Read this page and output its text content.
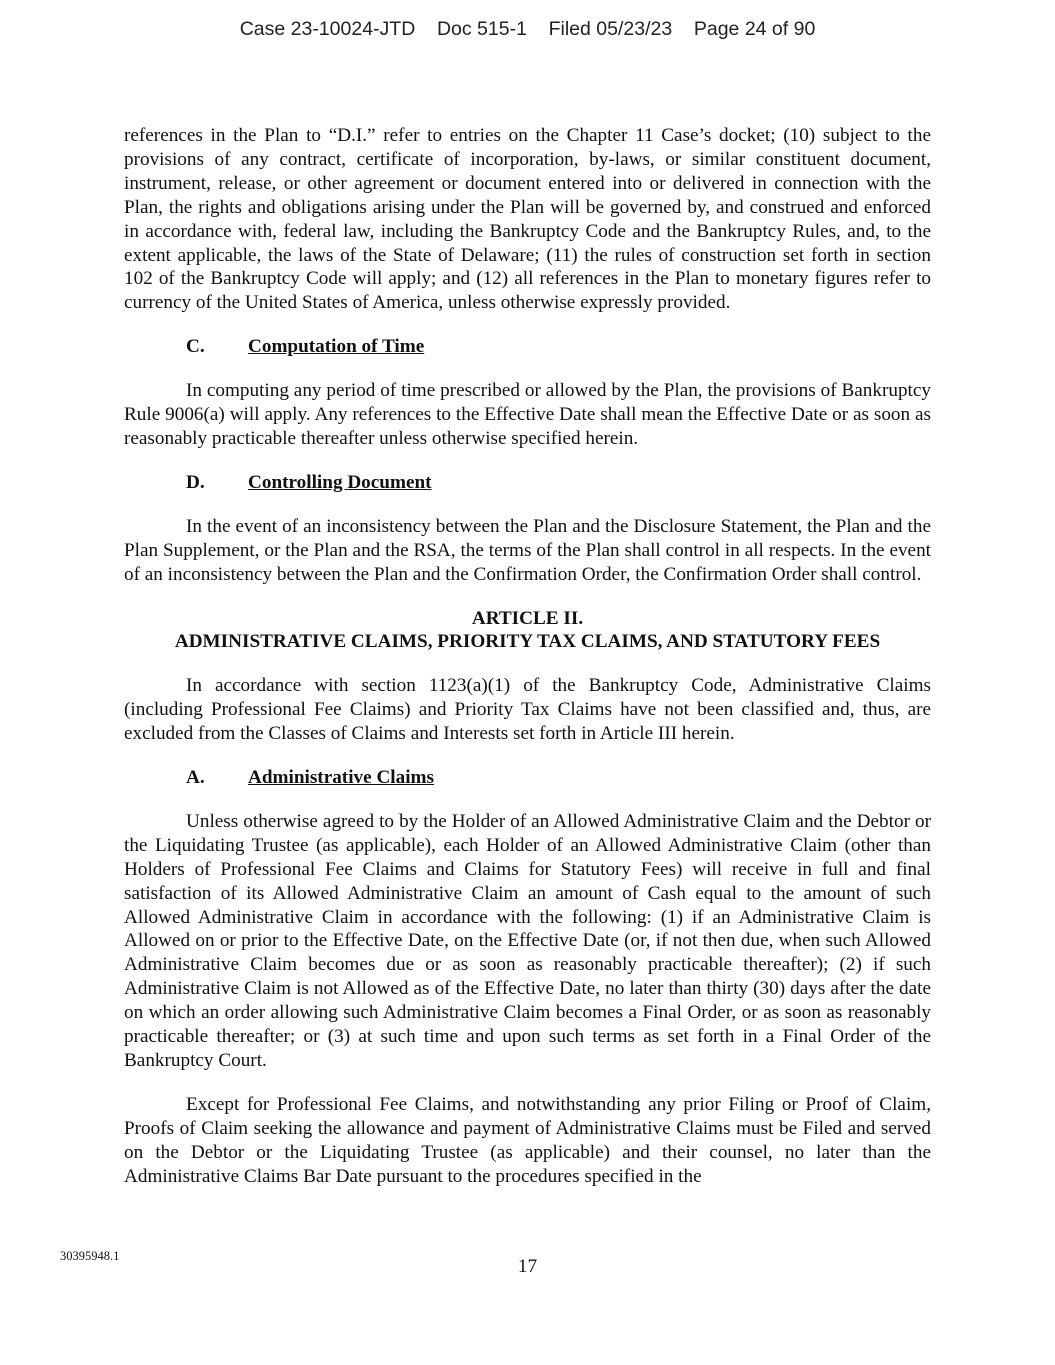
Case 23-10024-JTD Doc 515-1 Filed 05/23/23 Page 24 of 90

references in the Plan to “D.I.” refer to entries on the Chapter 11 Case’s docket; (10) subject to the provisions of any contract, certificate of incorporation, by-laws, or similar constituent document, instrument, release, or other agreement or document entered into or delivered in connection with the Plan, the rights and obligations arising under the Plan will be governed by, and construed and enforced in accordance with, federal law, including the Bankruptcy Code and the Bankruptcy Rules, and, to the extent applicable, the laws of the State of Delaware; (11) the rules of construction set forth in section 102 of the Bankruptcy Code will apply; and (12) all references in the Plan to monetary figures refer to currency of the United States of America, unless otherwise expressly provided.

C. Computation of Time

In computing any period of time prescribed or allowed by the Plan, the provisions of Bankruptcy Rule 9006(a) will apply. Any references to the Effective Date shall mean the Effective Date or as soon as reasonably practicable thereafter unless otherwise specified herein.

D. Controlling Document

In the event of an inconsistency between the Plan and the Disclosure Statement, the Plan and the Plan Supplement, or the Plan and the RSA, the terms of the Plan shall control in all respects. In the event of an inconsistency between the Plan and the Confirmation Order, the Confirmation Order shall control.

ARTICLE II.
ADMINISTRATIVE CLAIMS, PRIORITY TAX CLAIMS, AND STATUTORY FEES

In accordance with section 1123(a)(1) of the Bankruptcy Code, Administrative Claims (including Professional Fee Claims) and Priority Tax Claims have not been classified and, thus, are excluded from the Classes of Claims and Interests set forth in Article III herein.

A. Administrative Claims

Unless otherwise agreed to by the Holder of an Allowed Administrative Claim and the Debtor or the Liquidating Trustee (as applicable), each Holder of an Allowed Administrative Claim (other than Holders of Professional Fee Claims and Claims for Statutory Fees) will receive in full and final satisfaction of its Allowed Administrative Claim an amount of Cash equal to the amount of such Allowed Administrative Claim in accordance with the following: (1) if an Administrative Claim is Allowed on or prior to the Effective Date, on the Effective Date (or, if not then due, when such Allowed Administrative Claim becomes due or as soon as reasonably practicable thereafter); (2) if such Administrative Claim is not Allowed as of the Effective Date, no later than thirty (30) days after the date on which an order allowing such Administrative Claim becomes a Final Order, or as soon as reasonably practicable thereafter; or (3) at such time and upon such terms as set forth in a Final Order of the Bankruptcy Court.

Except for Professional Fee Claims, and notwithstanding any prior Filing or Proof of Claim, Proofs of Claim seeking the allowance and payment of Administrative Claims must be Filed and served on the Debtor or the Liquidating Trustee (as applicable) and their counsel, no later than the Administrative Claims Bar Date pursuant to the procedures specified in the

30395948.1	17
